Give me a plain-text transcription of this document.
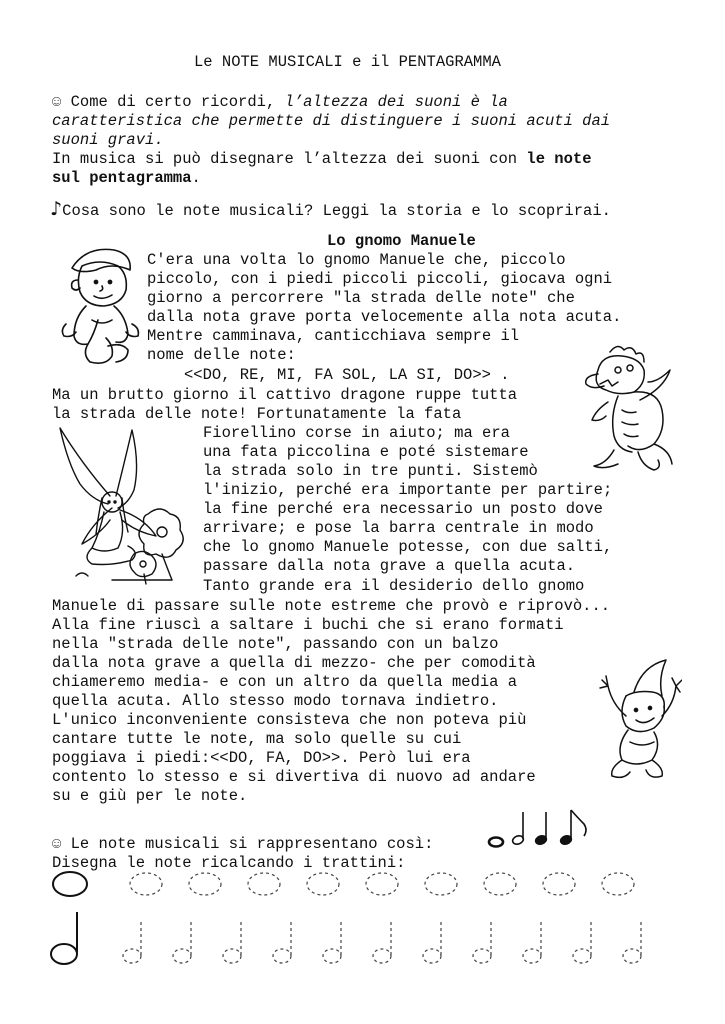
Le NOTE MUSICALI e il PENTAGRAMMA
☺ Come di certo ricordi, l’altezza dei suoni è la
caratteristica che permette di distinguere i suoni acuti dai
suoni gravi.
In musica si può disegnare l’altezza dei suoni con le note
sul pentagramma.
♪Cosa sono le note musicali? Leggi la storia e lo scoprirai.
Lo gnomo Manuele
C'era una volta lo gnomo Manuele che, piccolo
piccolo, con i piedi piccoli piccoli, giocava ogni
giorno a percorrere "la strada delle note" che
dalla nota grave porta velocemente alla nota acuta.
Mentre camminava, canticchiava sempre il
nome delle note:
<<DO, RE, MI, FA SOL, LA SI, DO>> .
Ma un brutto giorno il cattivo dragone ruppe tutta
la strada delle note! Fortunatamente la fata
Fiorellino corse in aiuto; ma era
una fata piccolina e poté sistemare
la strada solo in tre punti. Sistemò
l'inizio, perché era importante per partire;
la fine perché era necessario un posto dove
arrivare; e pose la barra centrale in modo
che lo gnomo Manuele potesse, con due salti,
passare dalla nota grave a quella acuta.
Tanto grande era il desiderio dello gnomo
Manuele di passare sulle note estreme che provò e riprovò...
Alla fine riuscì a saltare i buchi che si erano formati
nella "strada delle note", passando con un balzo
dalla nota grave a quella di mezzo- che per comodità
chiameremo media- e con un altro da quella media a
quella acuta. Allo stesso modo tornava indietro.
L'unico inconveniente consisteva che non poteva più
cantare tutte le note, ma solo quelle su cui
poggiava i piedi:<<DO, FA, DO>>. Però lui era
contento lo stesso e si divertiva di nuovo ad andare
su e giù per le note.
☺ Le note musicali si rappresentano così:
Disegna le note ricalcando i trattini:
